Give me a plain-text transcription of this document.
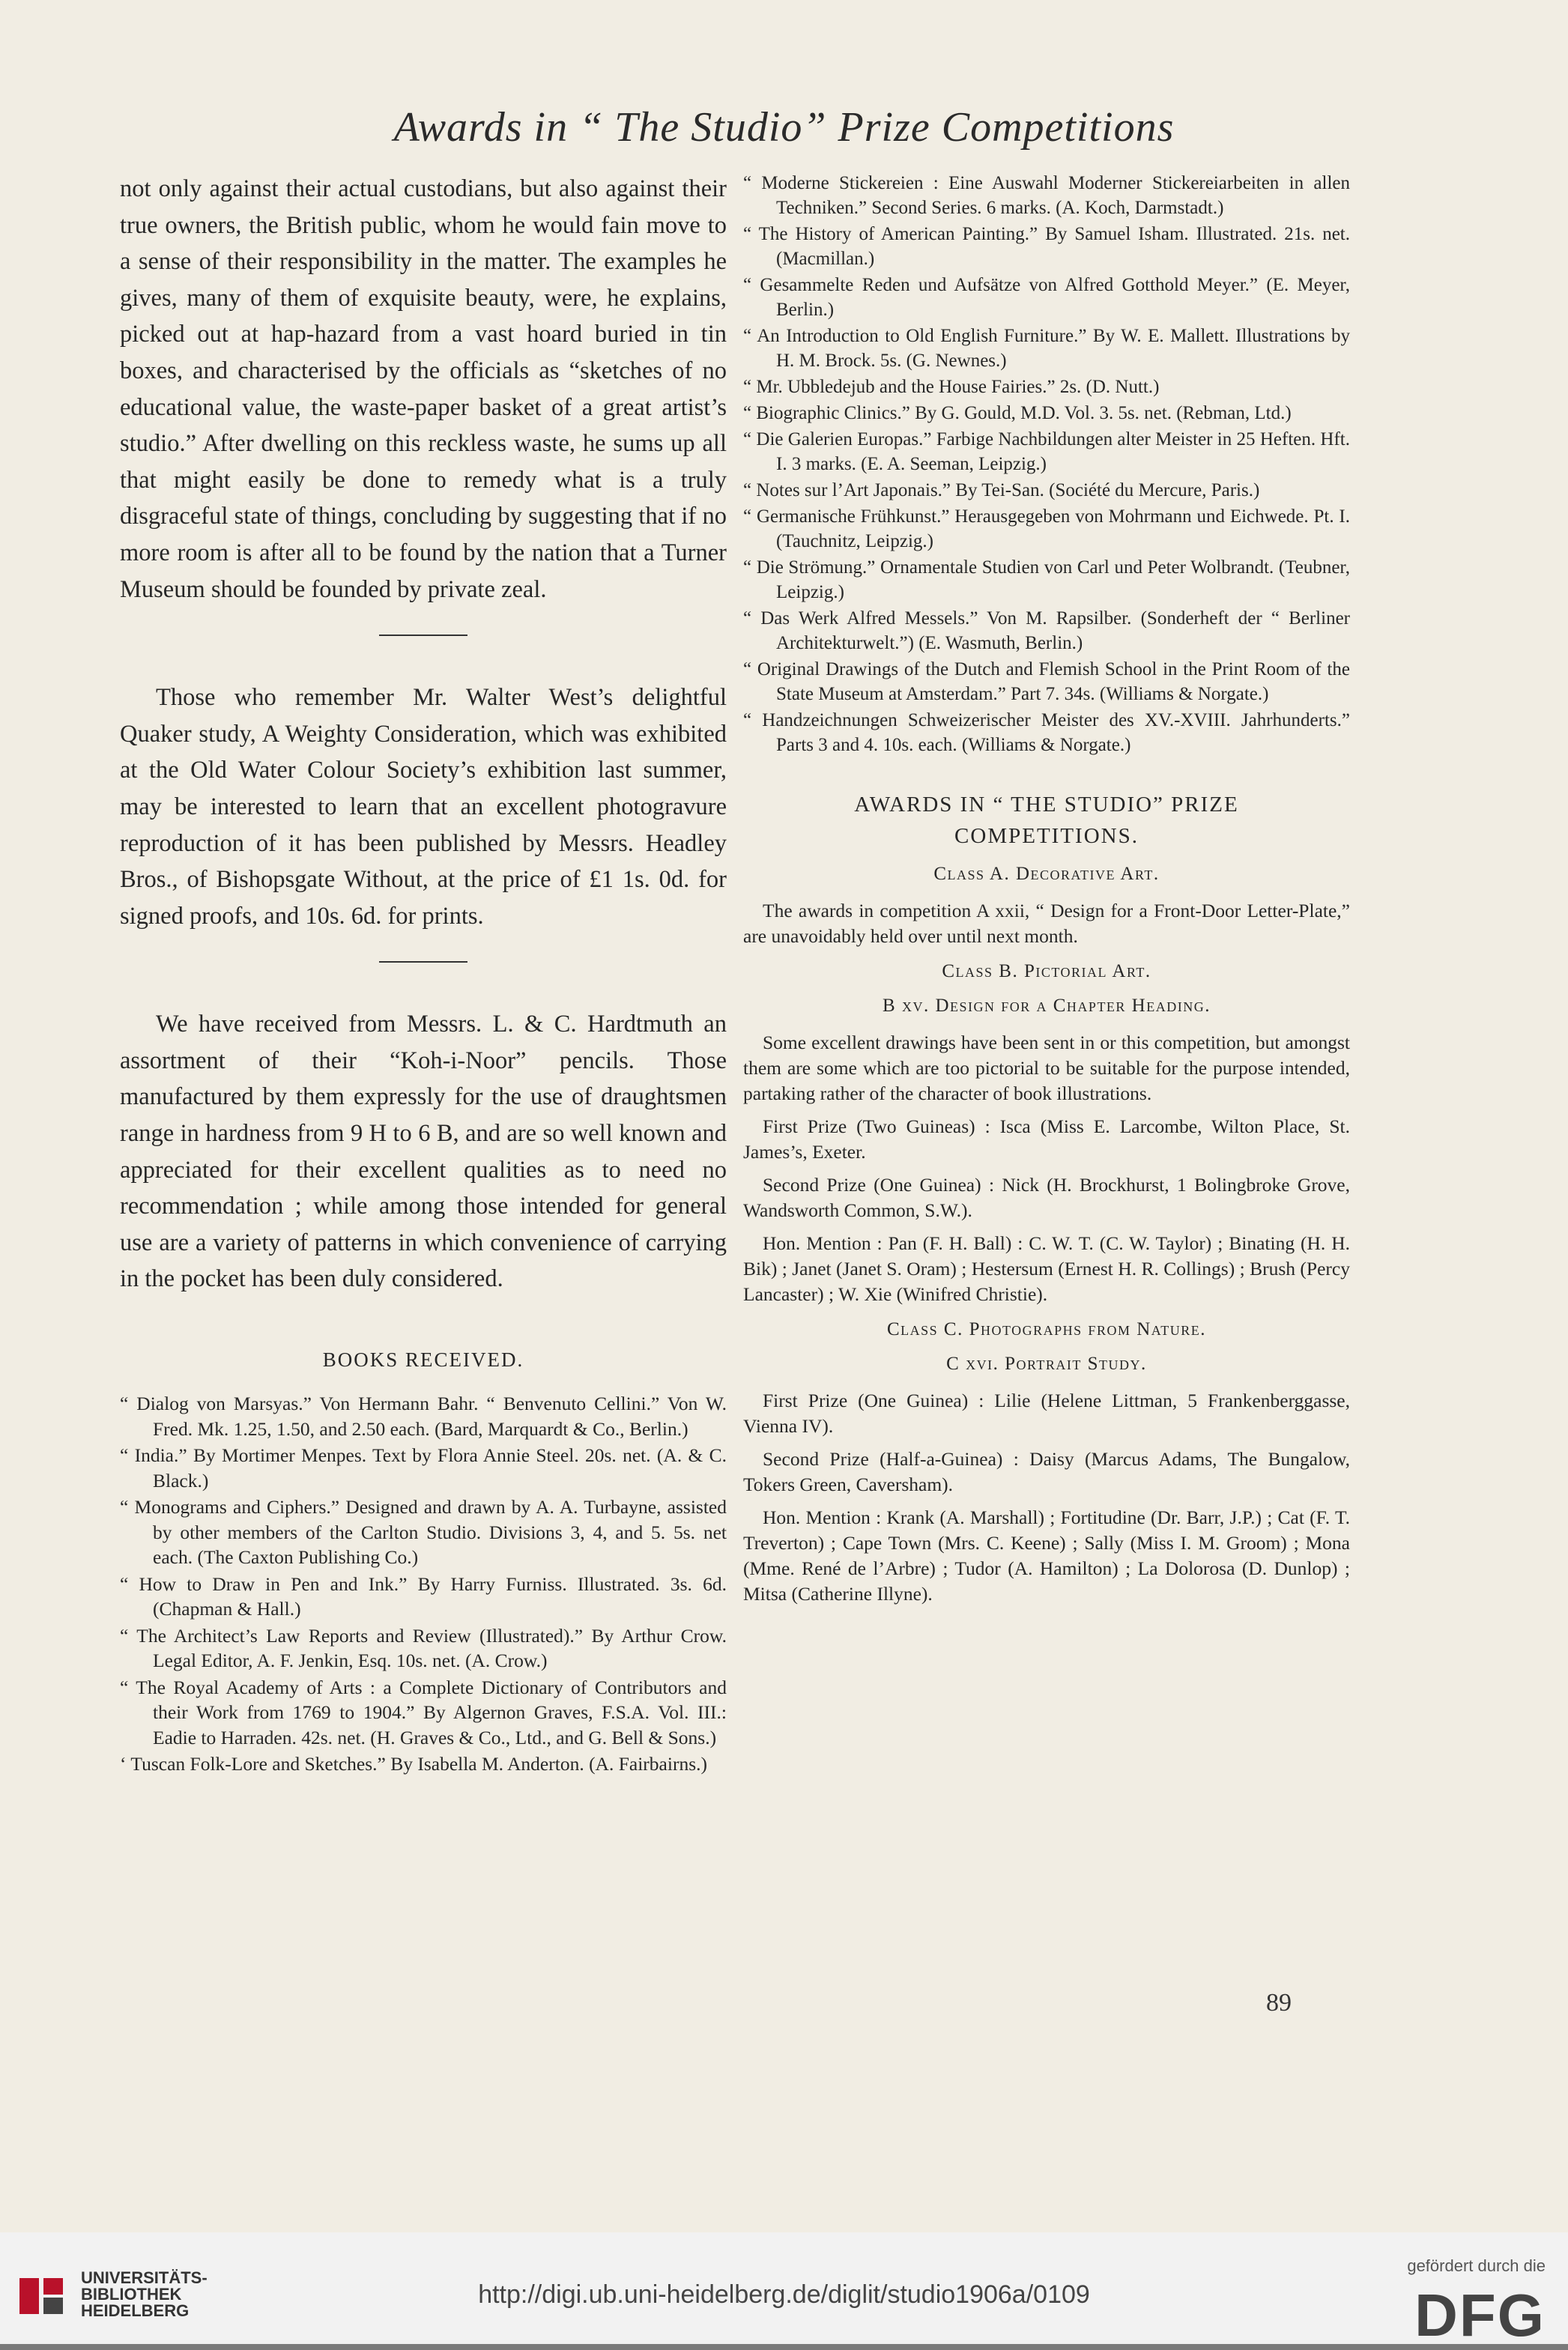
Awards in “ The Studio” Prize Competitions

not only against their actual custodians, but also against their true owners, the British public, whom he would fain move to a sense of their responsibility in the matter. The examples he gives, many of them of exquisite beauty, were, he explains, picked out at hap-hazard from a vast hoard buried in tin boxes, and characterised by the officials as “sketches of no educational value, the waste-paper basket of a great artist’s studio.” After dwelling on this reckless waste, he sums up all that might easily be done to remedy what is a truly disgraceful state of things, concluding by suggesting that if no more room is after all to be found by the nation that a Turner Museum should be founded by private zeal.

Those who remember Mr. Walter West’s delightful Quaker study, A Weighty Consideration, which was exhibited at the Old Water Colour Society’s exhibition last summer, may be interested to learn that an excellent photogravure reproduction of it has been published by Messrs. Headley Bros., of Bishopsgate Without, at the price of £1 1s. 0d. for signed proofs, and 10s. 6d. for prints.

We have received from Messrs. L. & C. Hardtmuth an assortment of their “Koh-i-Noor” pencils. Those manufactured by them expressly for the use of draughtsmen range in hardness from 9 H to 6 B, and are so well known and appreciated for their excellent qualities as to need no recommendation ; while among those intended for general use are a variety of patterns in which convenience of carrying in the pocket has been duly considered.

BOOKS RECEIVED.

“ Dialog von Marsyas.” Von Hermann Bahr. “ Benvenuto Cellini.” Von W. Fred. Mk. 1.25, 1.50, and 2.50 each. (Bard, Marquardt & Co., Berlin.)

“ India.” By Mortimer Menpes. Text by Flora Annie Steel. 20s. net. (A. & C. Black.)

“ Monograms and Ciphers.” Designed and drawn by A. A. Turbayne, assisted by other members of the Carlton Studio. Divisions 3, 4, and 5. 5s. net each. (The Caxton Publishing Co.)

“ How to Draw in Pen and Ink.” By Harry Furniss. Illustrated. 3s. 6d. (Chapman & Hall.)

“ The Architect’s Law Reports and Review (Illustrated).” By Arthur Crow. Legal Editor, A. F. Jenkin, Esq. 10s. net. (A. Crow.)

“ The Royal Academy of Arts : a Complete Dictionary of Contributors and their Work from 1769 to 1904.” By Algernon Graves, F.S.A. Vol. III.: Eadie to Harraden. 42s. net. (H. Graves & Co., Ltd., and G. Bell & Sons.)

‘ Tuscan Folk-Lore and Sketches.” By Isabella M. Anderton. (A. Fairbairns.)

“ Moderne Stickereien : Eine Auswahl Moderner Stickereiarbeiten in allen Techniken.” Second Series. 6 marks. (A. Koch, Darmstadt.)

“ The History of American Painting.” By Samuel Isham. Illustrated. 21s. net. (Macmillan.)

“ Gesammelte Reden und Aufsätze von Alfred Gotthold Meyer.” (E. Meyer, Berlin.)

“ An Introduction to Old English Furniture.” By W. E. Mallett. Illustrations by H. M. Brock. 5s. (G. Newnes.)

“ Mr. Ubbledejub and the House Fairies.” 2s. (D. Nutt.)

“ Biographic Clinics.” By G. Gould, M.D. Vol. 3. 5s. net. (Rebman, Ltd.)

“ Die Galerien Europas.” Farbige Nachbildungen alter Meister in 25 Heften. Hft. I. 3 marks. (E. A. Seeman, Leipzig.)

“ Notes sur l’Art Japonais.” By Tei-San. (Société du Mercure, Paris.)

“ Germanische Frühkunst.” Herausgegeben von Mohrmann und Eichwede. Pt. I. (Tauchnitz, Leipzig.)

“ Die Strömung.” Ornamentale Studien von Carl und Peter Wolbrandt. (Teubner, Leipzig.)

“ Das Werk Alfred Messels.” Von M. Rapsilber. (Sonderheft der “ Berliner Architekturwelt.”) (E. Wasmuth, Berlin.)

“ Original Drawings of the Dutch and Flemish School in the Print Room of the State Museum at Amsterdam.” Part 7. 34s. (Williams & Norgate.)

“ Handzeichnungen Schweizerischer Meister des XV.-XVIII. Jahrhunderts.” Parts 3 and 4. 10s. each. (Williams & Norgate.)

AWARDS IN “ THE STUDIO” PRIZE
COMPETITIONS.
Class A. Decorative Art.

The awards in competition A xxii, “ Design for a Front-Door Letter-Plate,” are unavoidably held over until next month.

Class B. Pictorial Art.
B xv. Design for a Chapter Heading.

Some excellent drawings have been sent in or this competition, but amongst them are some which are too pictorial to be suitable for the purpose intended, partaking rather of the character of book illustrations.

First Prize (Two Guineas) : Isca (Miss E. Larcombe, Wilton Place, St. James’s, Exeter.

Second Prize (One Guinea) : Nick (H. Brockhurst, 1 Bolingbroke Grove, Wandsworth Common, S.W.).

Hon. Mention : Pan (F. H. Ball) : C. W. T. (C. W. Taylor) ; Binating (H. H. Bik) ; Janet (Janet S. Oram) ; Hestersum (Ernest H. R. Collings) ; Brush (Percy Lancaster) ; W. Xie (Winifred Christie).

Class C. Photographs from Nature.
C xvi. Portrait Study.

First Prize (One Guinea) : Lilie (Helene Littman, 5 Frankenberggasse, Vienna IV).

Second Prize (Half-a-Guinea) : Daisy (Marcus Adams, The Bungalow, Tokers Green, Caversham).

Hon. Mention : Krank (A. Marshall) ; Fortitudine (Dr. Barr, J.P.) ; Cat (F. T. Treverton) ; Cape Town (Mrs. C. Keene) ; Sally (Miss I. M. Groom) ; Mona (Mme. René de l’Arbre) ; Tudor (A. Hamilton) ; La Dolorosa (D. Dunlop) ; Mitsa (Catherine Illyne).

89
UNIVERSITÄTS-
BIBLIOTHEK
HEIDELBERG
http://digi.ub.uni-heidelberg.de/diglit/studio1906a/0109
gefördert durch die
DFG
